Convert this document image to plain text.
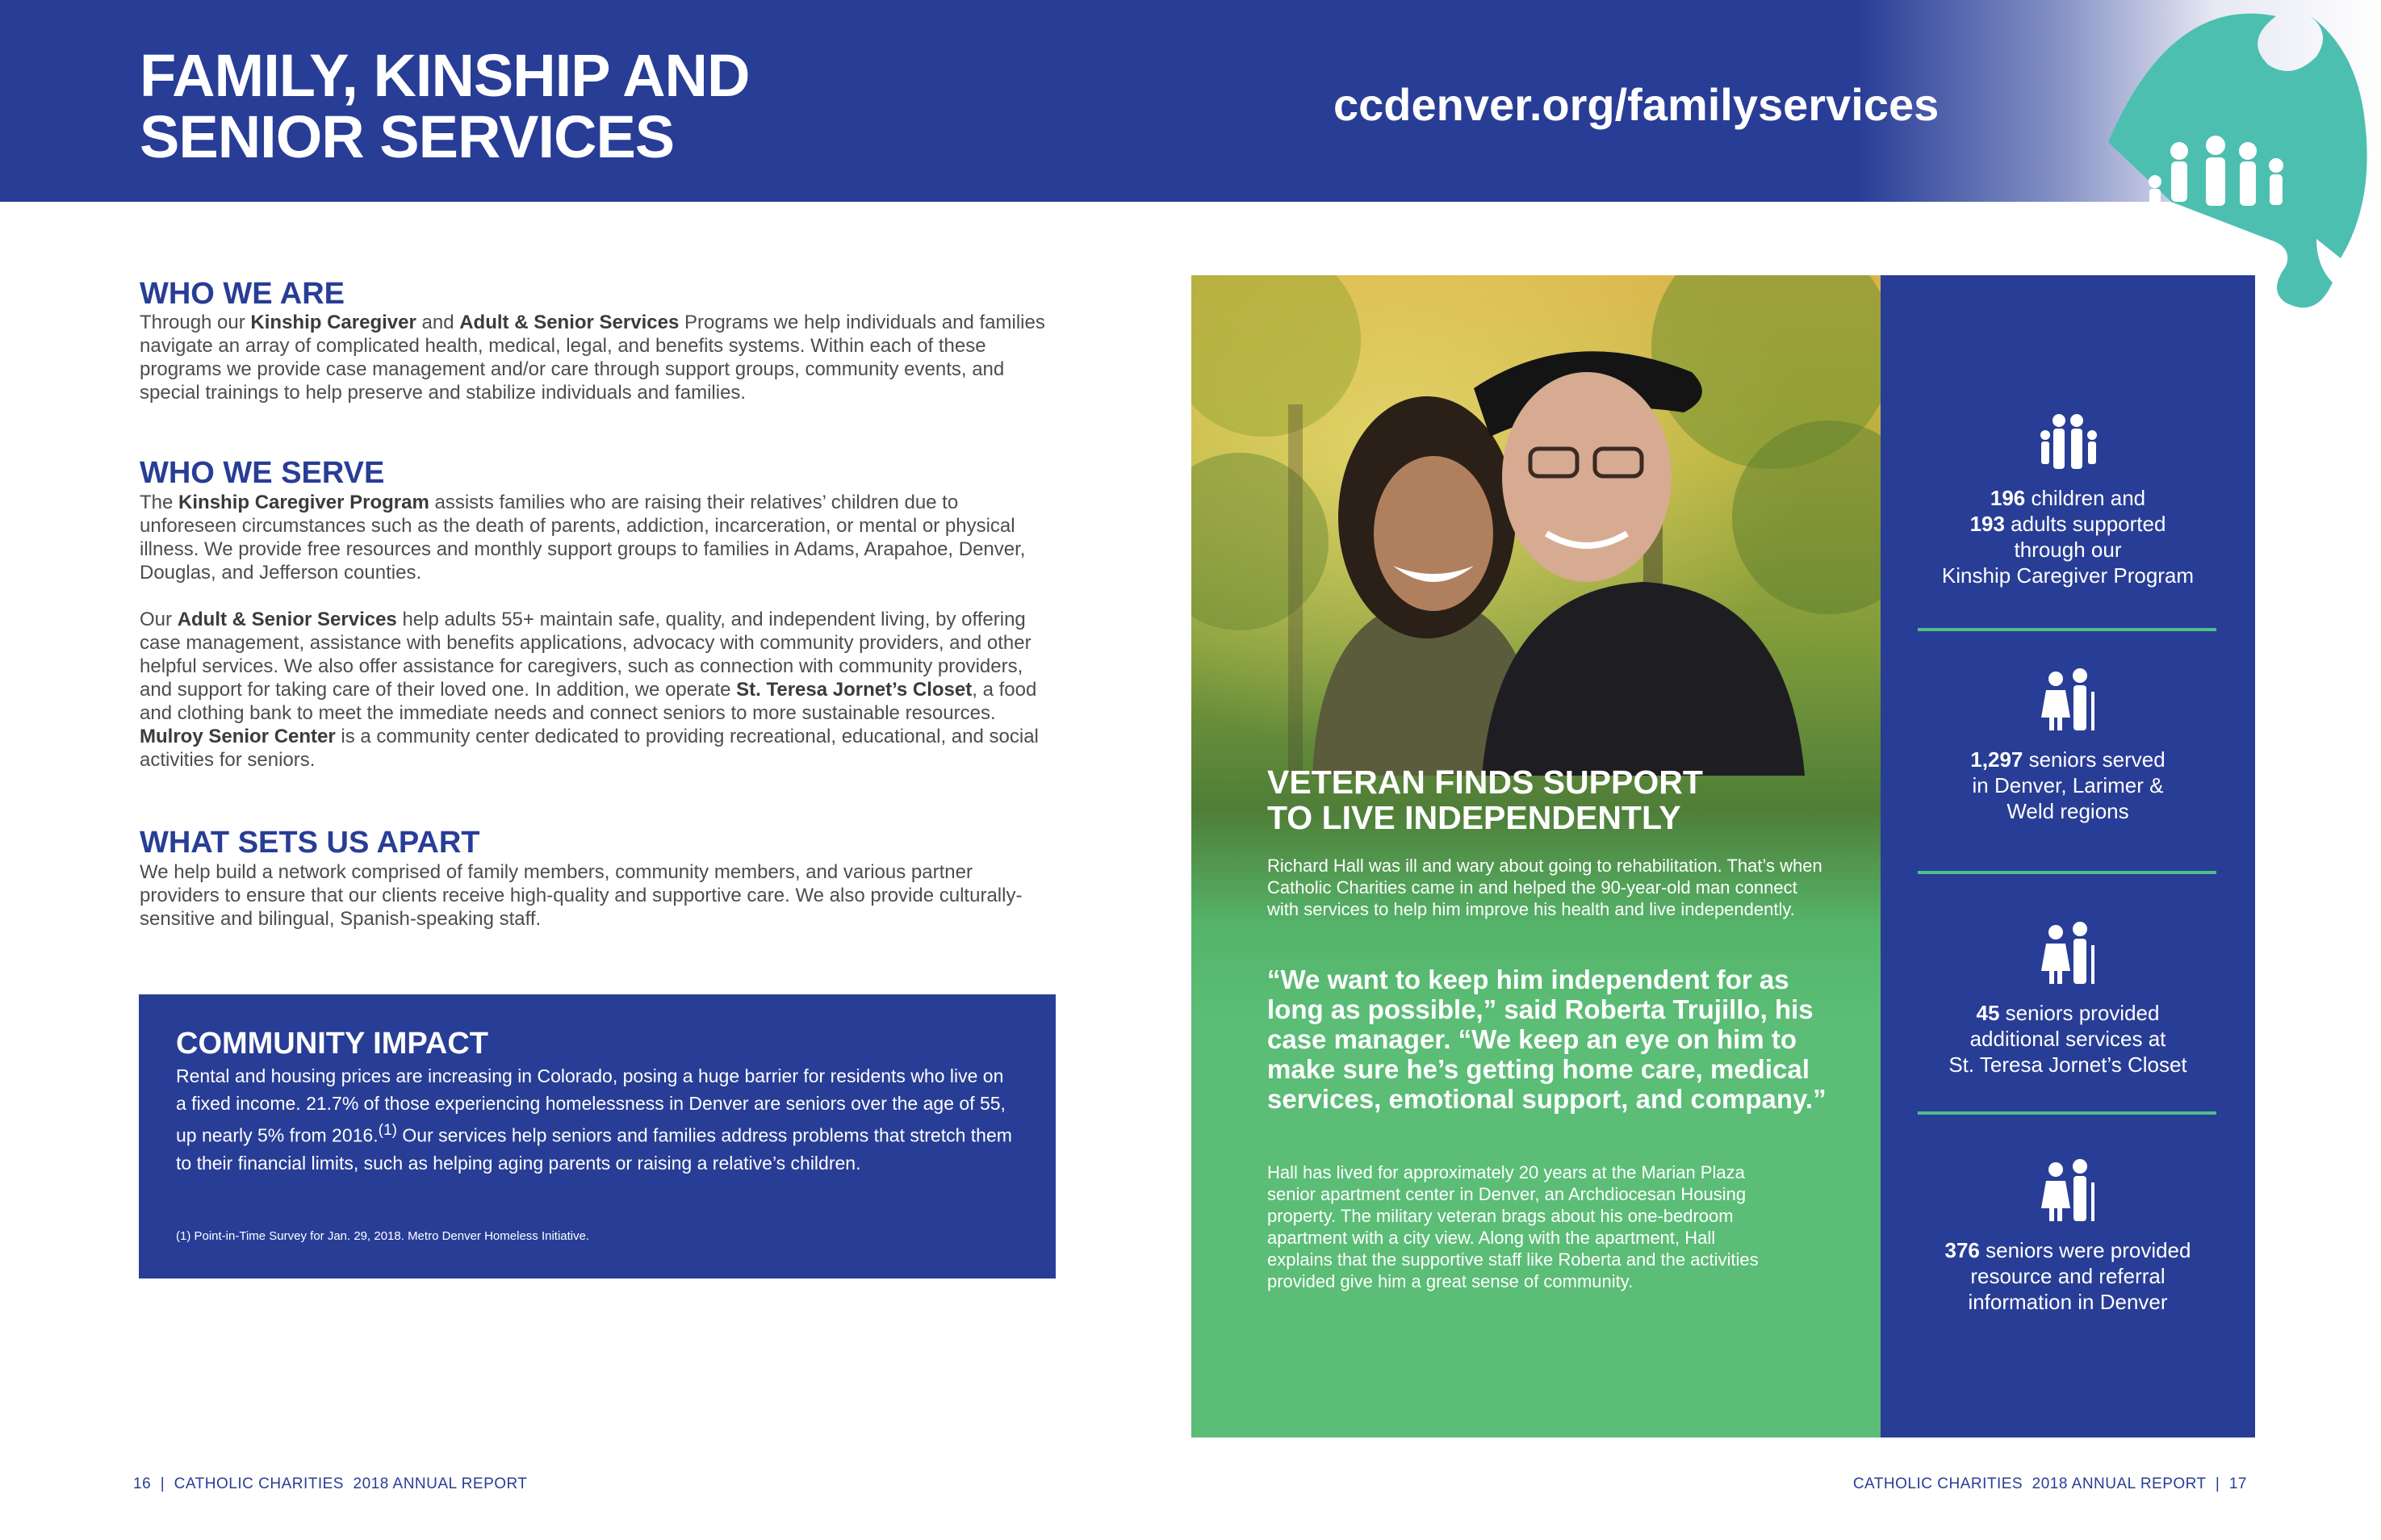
FAMILY, KINSHIP AND
SENIOR SERVICES	ccdenver.org/familyservices
WHO WE ARE
Through our Kinship Caregiver and Adult & Senior Services Programs we help individuals and families navigate an array of complicated health, medical, legal, and benefits systems. Within each of these programs we provide case management and/or care through support groups, community events, and special trainings to help preserve and stabilize individuals and families.
WHO WE SERVE
The Kinship Caregiver Program assists families who are raising their relatives’ children due to unforeseen circumstances such as the death of parents, addiction, incarceration, or mental or physical illness. We provide free resources and monthly support groups to families in Adams, Arapahoe, Denver, Douglas, and Jefferson counties.
Our Adult & Senior Services help adults 55+ maintain safe, quality, and independent living, by offering case management, assistance with benefits applications, advocacy with community providers, and other helpful services. We also offer assistance for caregivers, such as connection with community providers, and support for taking care of their loved one. In addition, we operate St. Teresa Jornet’s Closet, a food and clothing bank to meet the immediate needs and connect seniors to more sustainable resources. Mulroy Senior Center is a community center dedicated to providing recreational, educational, and social activities for seniors.
WHAT SETS US APART
We help build a network comprised of family members, community members, and various partner providers to ensure that our clients receive high-quality and supportive care. We also provide culturally-sensitive and bilingual, Spanish-speaking staff.
COMMUNITY IMPACT
Rental and housing prices are increasing in Colorado, posing a huge barrier for residents who live on a fixed income. 21.7% of those experiencing homelessness in Denver are seniors over the age of 55, up nearly 5% from 2016.$^{(1)}$ Our services help seniors and families address problems that stretch them to their financial limits, such as helping aging parents or raising a relative’s children.
(1) Point-in-Time Survey for Jan. 29, 2018. Metro Denver Homeless Initiative.
VETERAN FINDS SUPPORT
TO LIVE INDEPENDENTLY
Richard Hall was ill and wary about going to rehabilitation. That’s when Catholic Charities came in and helped the 90-year-old man connect with services to help him improve his health and live independently.
“We want to keep him independent for as long as possible,” said Roberta Trujillo, his case manager. “We keep an eye on him to make sure he’s getting home care, medical services, emotional support, and company.”
Hall has lived for approximately 20 years at the Marian Plaza senior apartment center in Denver, an Archdiocesan Housing property. The military veteran brags about his one-bedroom apartment with a city view. Along with the apartment, Hall explains that the supportive staff like Roberta and the activities provided give him a great sense of community.
196 children and
193 adults supported
through our
Kinship Caregiver Program
1,297 seniors served
in Denver, Larimer &
Weld regions
45 seniors provided
additional services at
St. Teresa Jornet’s Closet
376 seniors were provided
resource and referral
information in Denver
16  |  CATHOLIC CHARITIES  2018 ANNUAL REPORT	CATHOLIC CHARITIES  2018 ANNUAL REPORT  |  17
